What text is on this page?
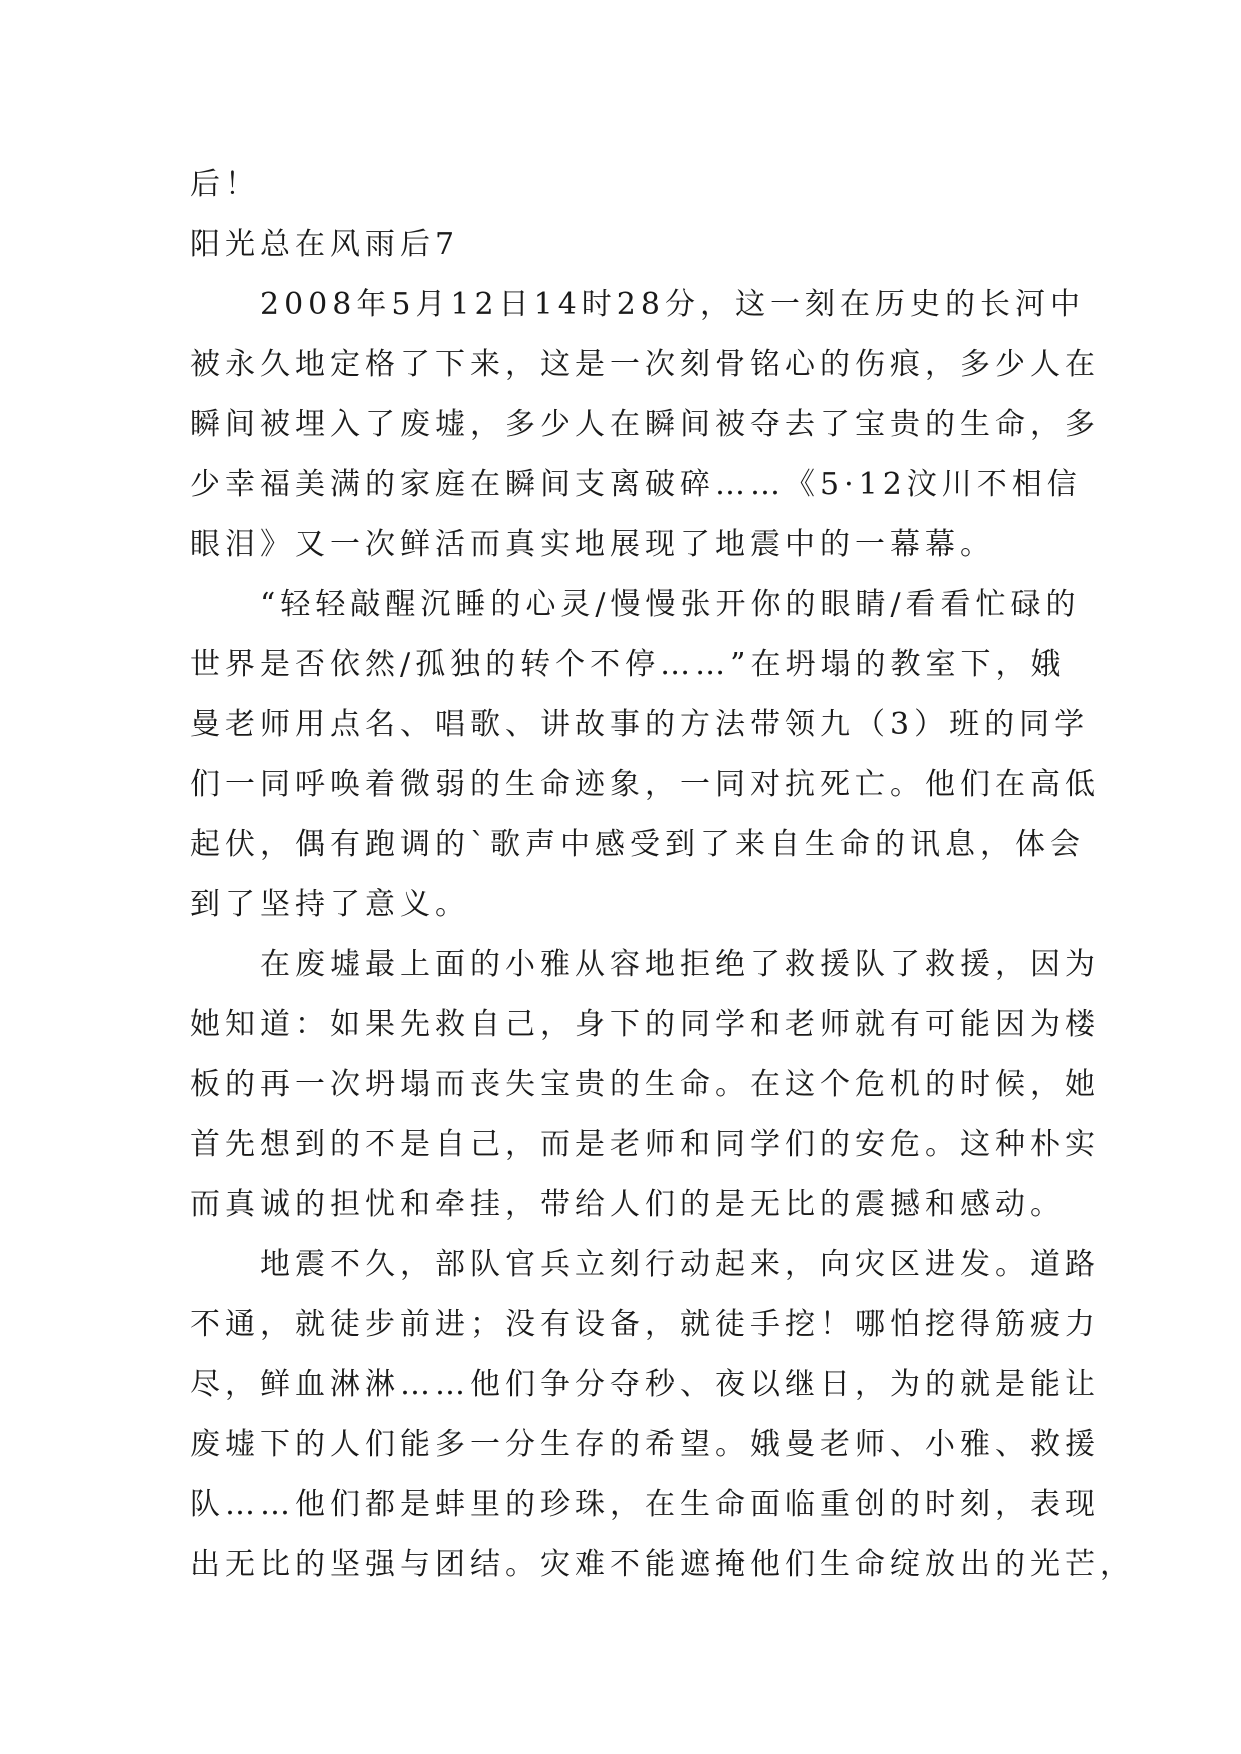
后！
阳光总在风雨后7
　　2008年5月12日14时28分，这一刻在历史的长河中
被永久地定格了下来，这是一次刻骨铭心的伤痕，多少人在
瞬间被埋入了废墟，多少人在瞬间被夺去了宝贵的生命，多
少幸福美满的家庭在瞬间支离破碎……《5·12汶川不相信
眼泪》又一次鲜活而真实地展现了地震中的一幕幕。
　　“轻轻敲醒沉睡的心灵/慢慢张开你的眼睛/看看忙碌的
世界是否依然/孤独的转个不停……”在坍塌的教室下，娥
曼老师用点名、唱歌、讲故事的方法带领九（3）班的同学
们一同呼唤着微弱的生命迹象，一同对抗死亡。他们在高低
起伏，偶有跑调的`歌声中感受到了来自生命的讯息，体会
到了坚持了意义。
　　在废墟最上面的小雅从容地拒绝了救援队了救援，因为
她知道：如果先救自己，身下的同学和老师就有可能因为楼
板的再一次坍塌而丧失宝贵的生命。在这个危机的时候，她
首先想到的不是自己，而是老师和同学们的安危。这种朴实
而真诚的担忧和牵挂，带给人们的是无比的震撼和感动。
　　地震不久，部队官兵立刻行动起来，向灾区进发。道路
不通，就徒步前进；没有设备，就徒手挖！哪怕挖得筋疲力
尽，鲜血淋淋……他们争分夺秒、夜以继日，为的就是能让
废墟下的人们能多一分生存的希望。娥曼老师、小雅、救援
队……他们都是蚌里的珍珠，在生命面临重创的时刻，表现
出无比的坚强与团结。灾难不能遮掩他们生命绽放出的光芒，
